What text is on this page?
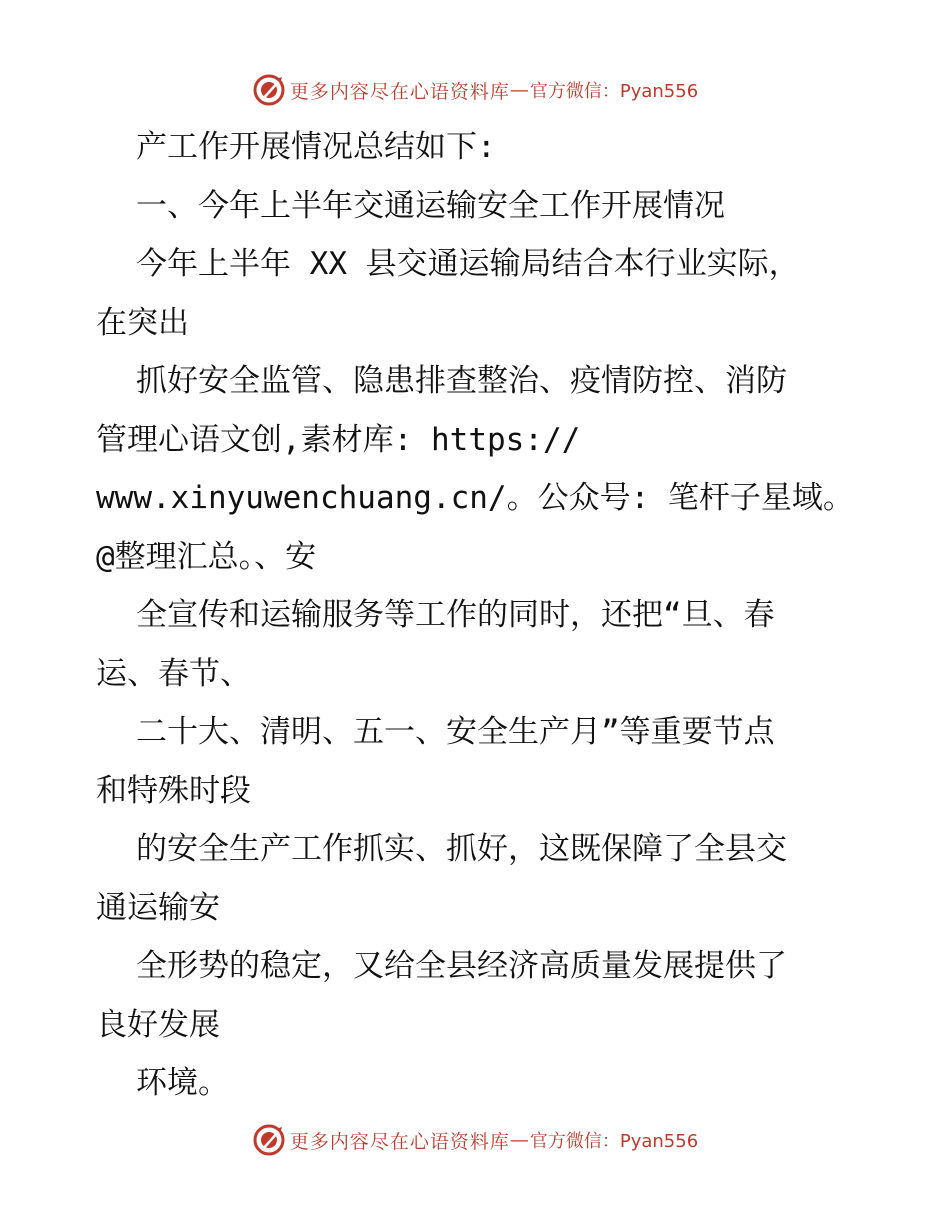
更多内容尽在心语资料库 — 官方微信：Pyan556
产工作开展情况总结如下:
一、今年上半年交通运输安全工作开展情况
今年上半年 XX 县交通运输局结合本行业实际，
在突出
抓好安全监管、隐患排查整治、疫情防控、消防
管理心语文创,素材库: https://
www.xinyuwenchuang.cn/。公众号: 笔杆子星域。
@整理汇总。、安
全宣传和运输服务等工作的同时，还把“旦、春
运、春节、
二十大、清明、五一、安全生产月”等重要节点
和特殊时段
的安全生产工作抓实、抓好，这既保障了全县交
通运输安
全形势的稳定，又给全县经济高质量发展提供了
良好发展
环境。
更多内容尽在心语资料库 — 官方微信：Pyan556
